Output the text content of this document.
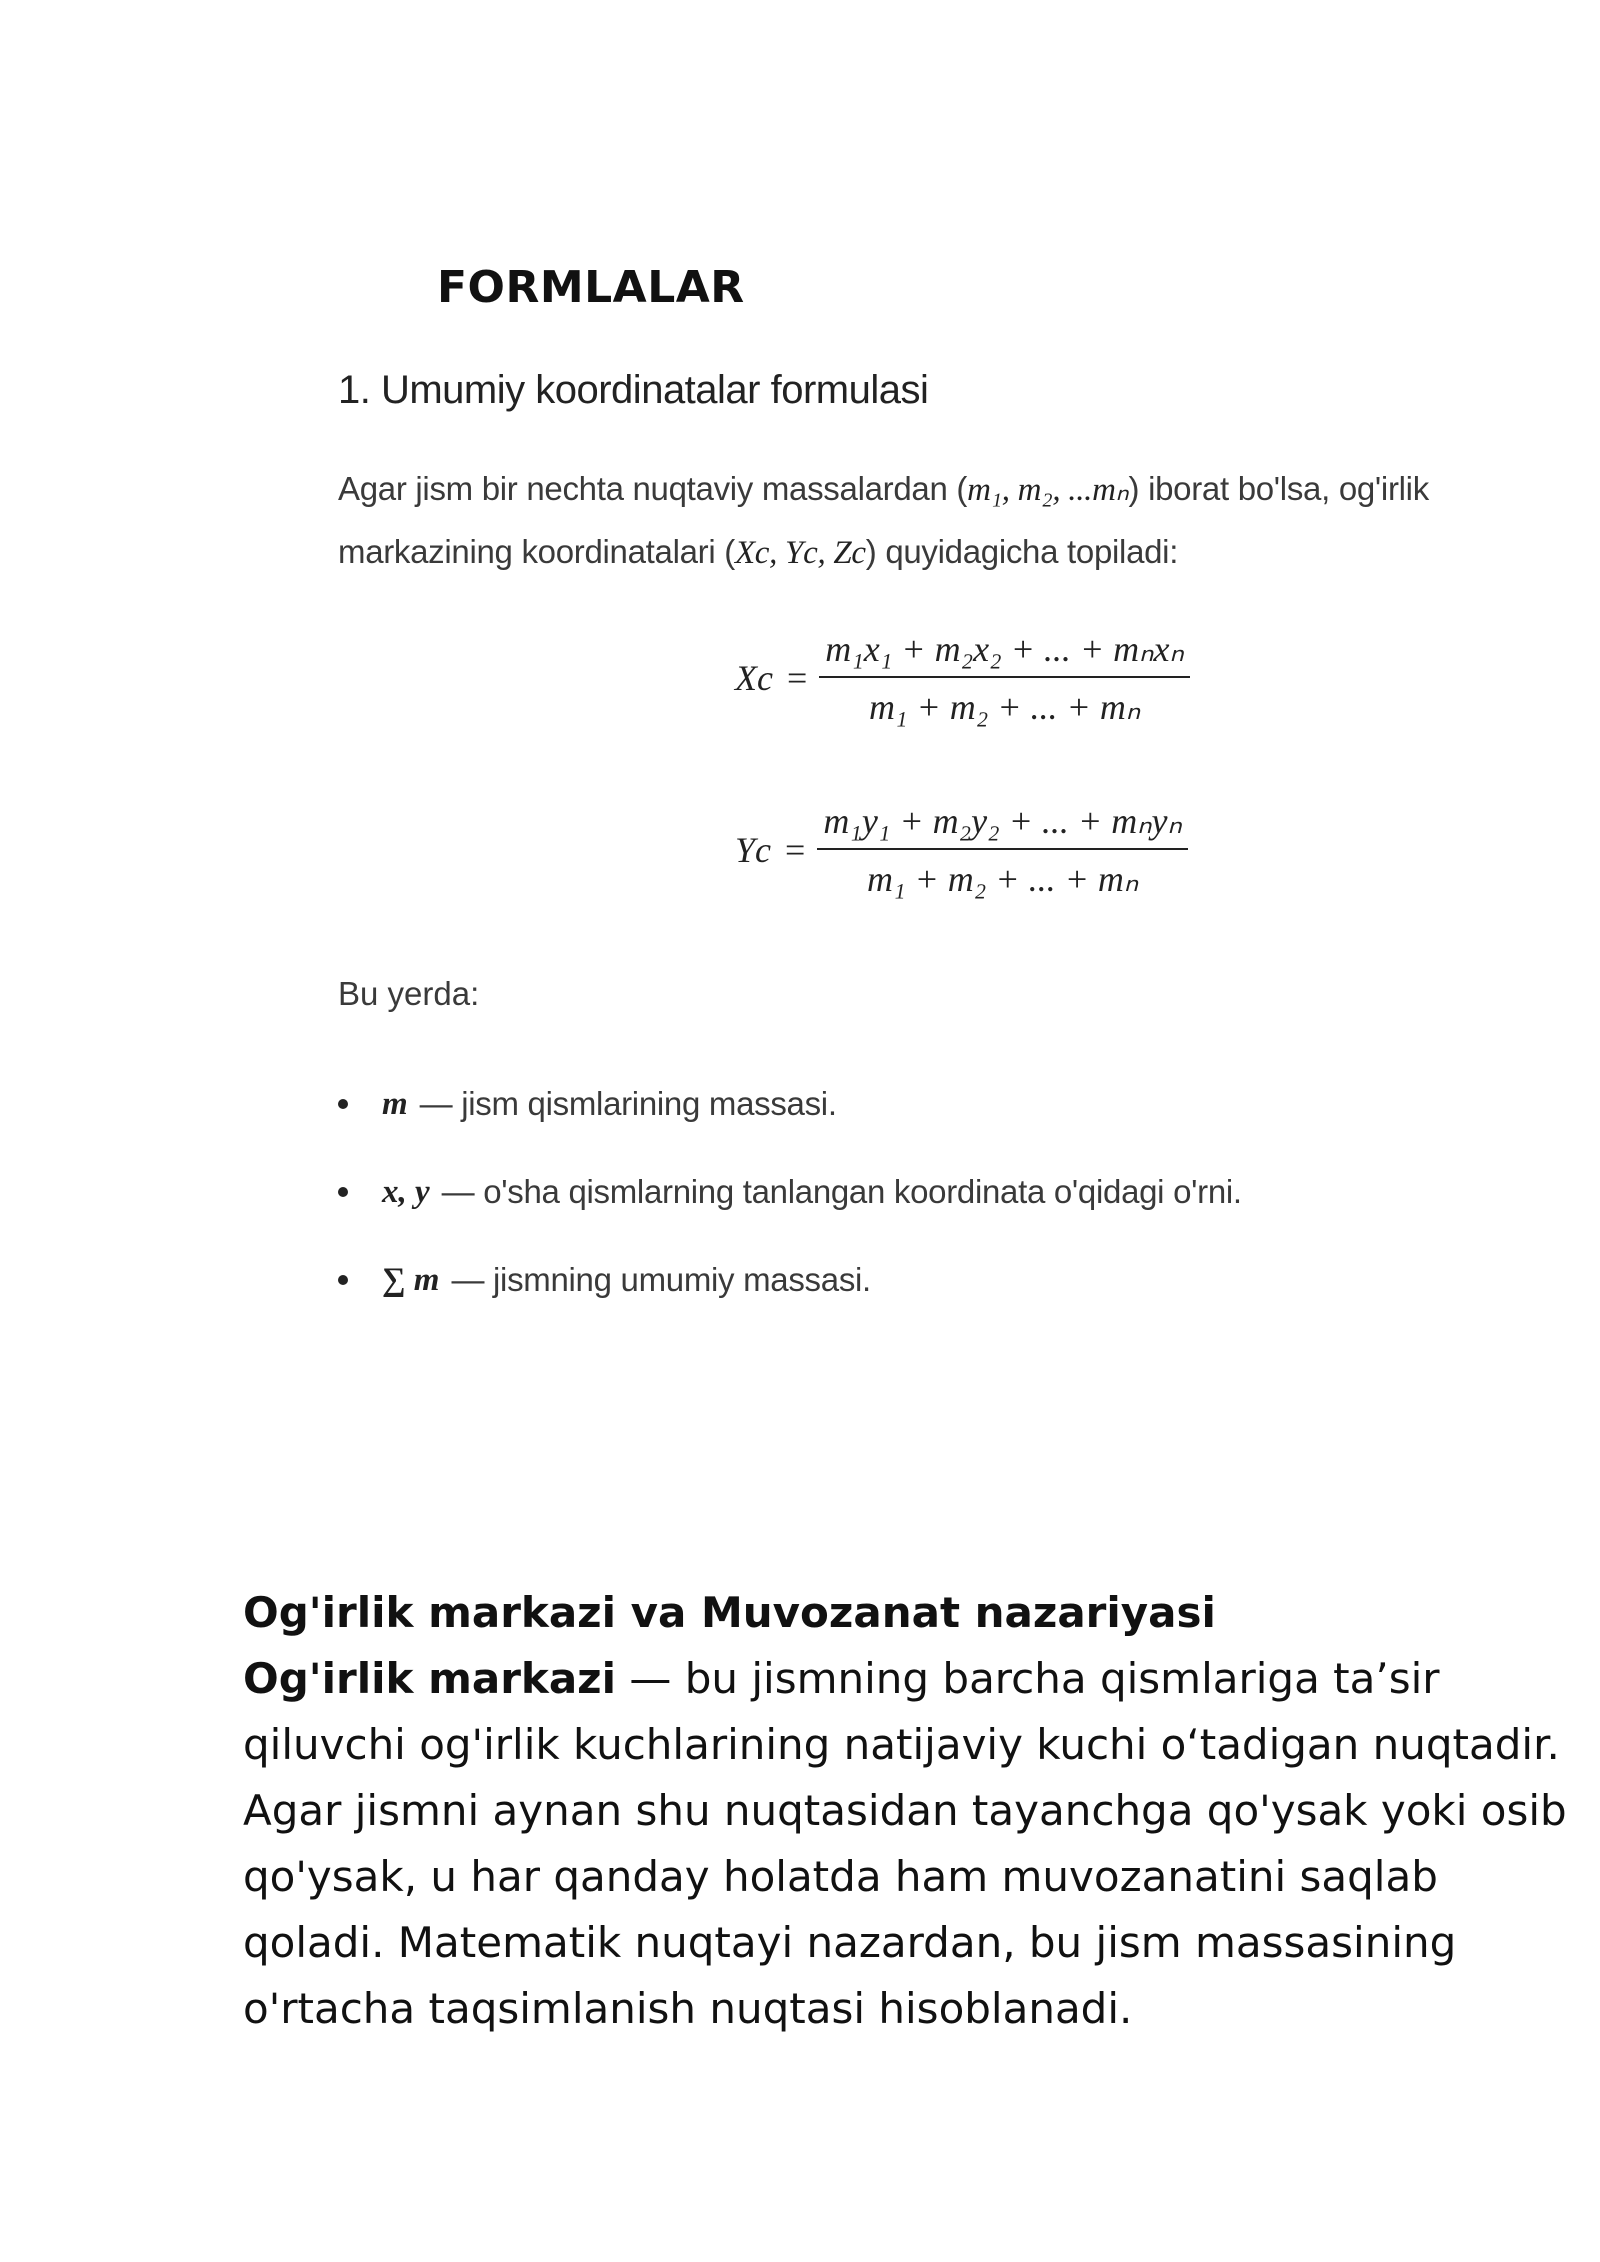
FORMLALAR
1. Umumiy koordinatalar formulasi
Agar jism bir nechta nuqtaviy massalardan (m₁, m₂, ...mₙ) iborat bo'lsa, og'irlik
markazining koordinatalari (Xc, Yc, Zc) quyidagicha topiladi:
$Xc = \frac{\text{m₁x₁ + m₂x₂ + ... + mₙxₙ}}{\text{m₁ + m₂ + ... + mₙ}}$
$Yc = \frac{\text{m₁y₁ + m₂y₂ + ... + mₙyₙ}}{\text{m₁ + m₂ + ... + mₙ}}$
Bu yerda:
m — jism qismlarining massasi.
x, y — o'sha qismlarning tanlangan koordinata o'qidagi o'rni.
∑ m — jismning umumiy massasi.
Og'irlik markazi va Muvozanat nazariyasi
Og'irlik markazi — bu jismning barcha qismlariga ta’sir qiluvchi og'irlik kuchlarining natijaviy kuchi o‘tadigan nuqtadir. Agar jismni aynan shu nuqtasidan tayanchga qo'ysak yoki osib qo'ysak, u har qanday holatda ham muvozanatini saqlab qoladi. Matematik nuqtayi nazardan, bu jism massasining o'rtacha taqsimlanish nuqtasi hisoblanadi.
